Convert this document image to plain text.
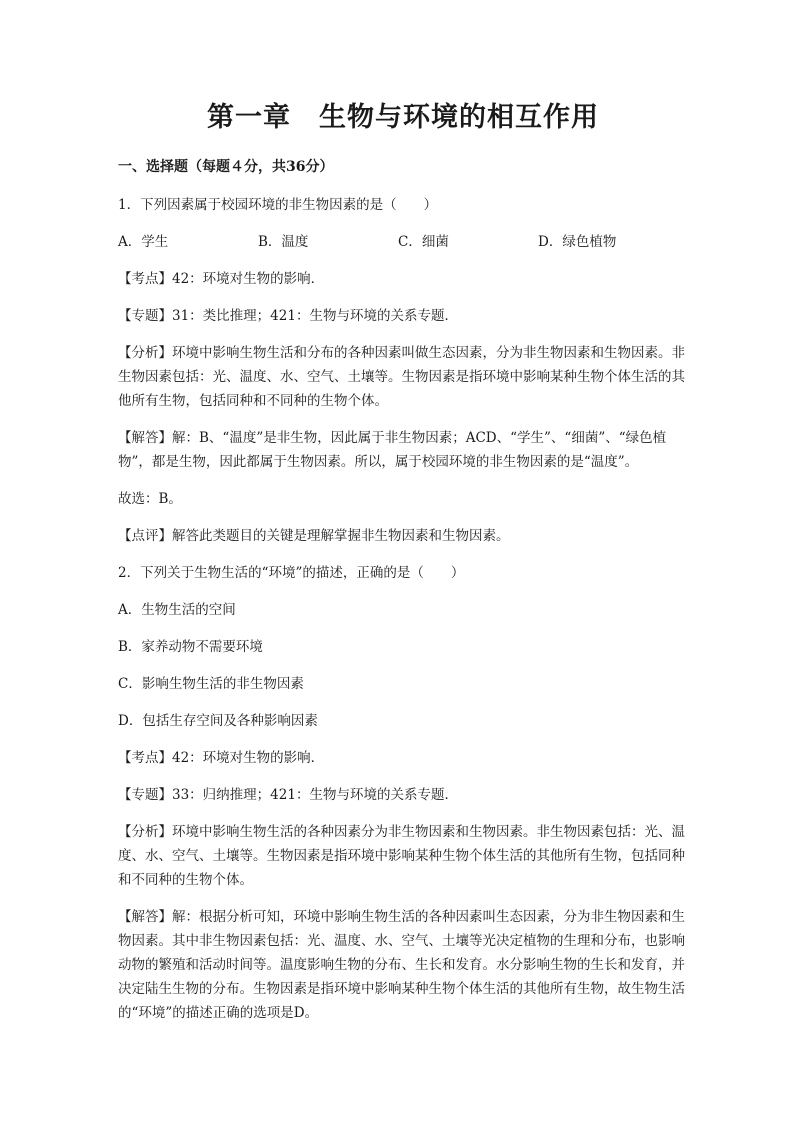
第一章　生物与环境的相互作用
一、选择题（每题４分，共36分）
1．下列因素属于校园环境的非生物因素的是（　　）
A．学生	B．温度	C．细菌	D．绿色植物
【考点】42：环境对生物的影响．
【专题】31：类比推理；421：生物与环境的关系专题．
【分析】环境中影响生物生活和分布的各种因素叫做生态因素，分为非生物因素和生物因素。非生物因素包括：光、温度、水、空气、土壤等。生物因素是指环境中影响某种生物个体生活的其他所有生物，包括同种和不同种的生物个体。
【解答】解：B、“温度”是非生物，因此属于非生物因素；ACD、“学生”、“细菌”、“绿色植物”，都是生物，因此都属于生物因素。所以，属于校园环境的非生物因素的是“温度”。
故选：B。
【点评】解答此类题目的关键是理解掌握非生物因素和生物因素。
2．下列关于生物生活的“环境”的描述，正确的是（　　）
A．生物生活的空间
B．家养动物不需要环境
C．影响生物生活的非生物因素
D．包括生存空间及各种影响因素
【考点】42：环境对生物的影响．
【专题】33：归纳推理；421：生物与环境的关系专题．
【分析】环境中影响生物生活的各种因素分为非生物因素和生物因素。非生物因素包括：光、温度、水、空气、土壤等。生物因素是指环境中影响某种生物个体生活的其他所有生物，包括同种和不同种的生物个体。
【解答】解：根据分析可知，环境中影响生物生活的各种因素叫生态因素，分为非生物因素和生物因素。其中非生物因素包括：光、温度、水、空气、土壤等光决定植物的生理和分布，也影响动物的繁殖和活动时间等。温度影响生物的分布、生长和发育。水分影响生物的生长和发育，并决定陆生生物的分布。生物因素是指环境中影响某种生物个体生活的其他所有生物，故生物生活的“环境”的描述正确的选项是D。
